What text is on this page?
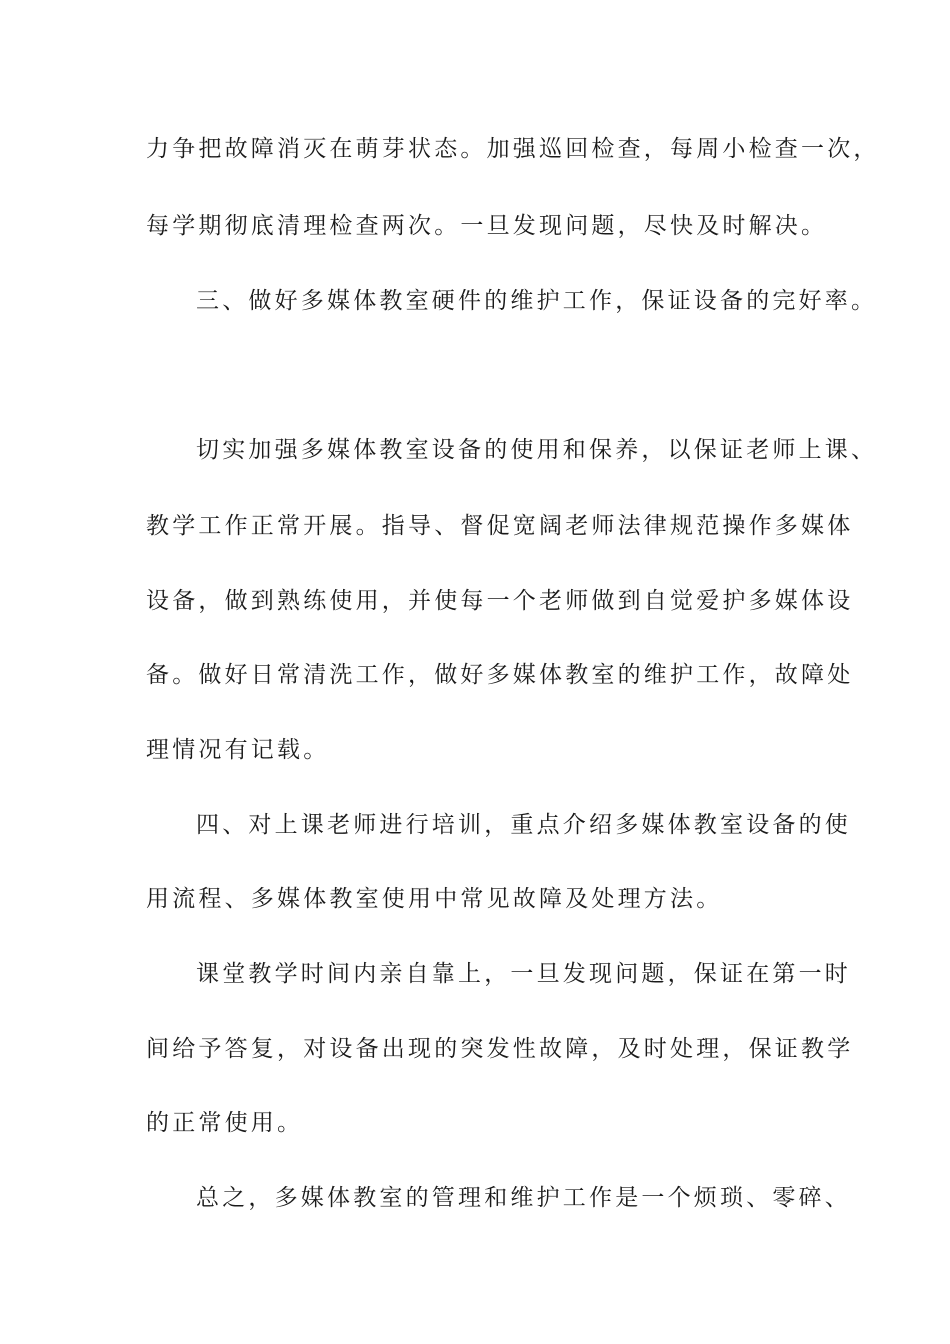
力争把故障消灭在萌芽状态。加强巡回检查，每周小检查一次，
每学期彻底清理检查两次。一旦发现问题，尽快及时解决。
三、做好多媒体教室硬件的维护工作，保证设备的完好率。
切实加强多媒体教室设备的使用和保养，以保证老师上课、
教学工作正常开展。指导、督促宽阔老师法律规范操作多媒体
设备，做到熟练使用，并使每一个老师做到自觉爱护多媒体设
备。做好日常清洗工作，做好多媒体教室的维护工作，故障处
理情况有记载。
四、对上课老师进行培训，重点介绍多媒体教室设备的使
用流程、多媒体教室使用中常见故障及处理方法。
课堂教学时间内亲自靠上，一旦发现问题，保证在第一时
间给予答复，对设备出现的突发性故障，及时处理，保证教学
的正常使用。
总之，多媒体教室的管理和维护工作是一个烦琐、零碎、
